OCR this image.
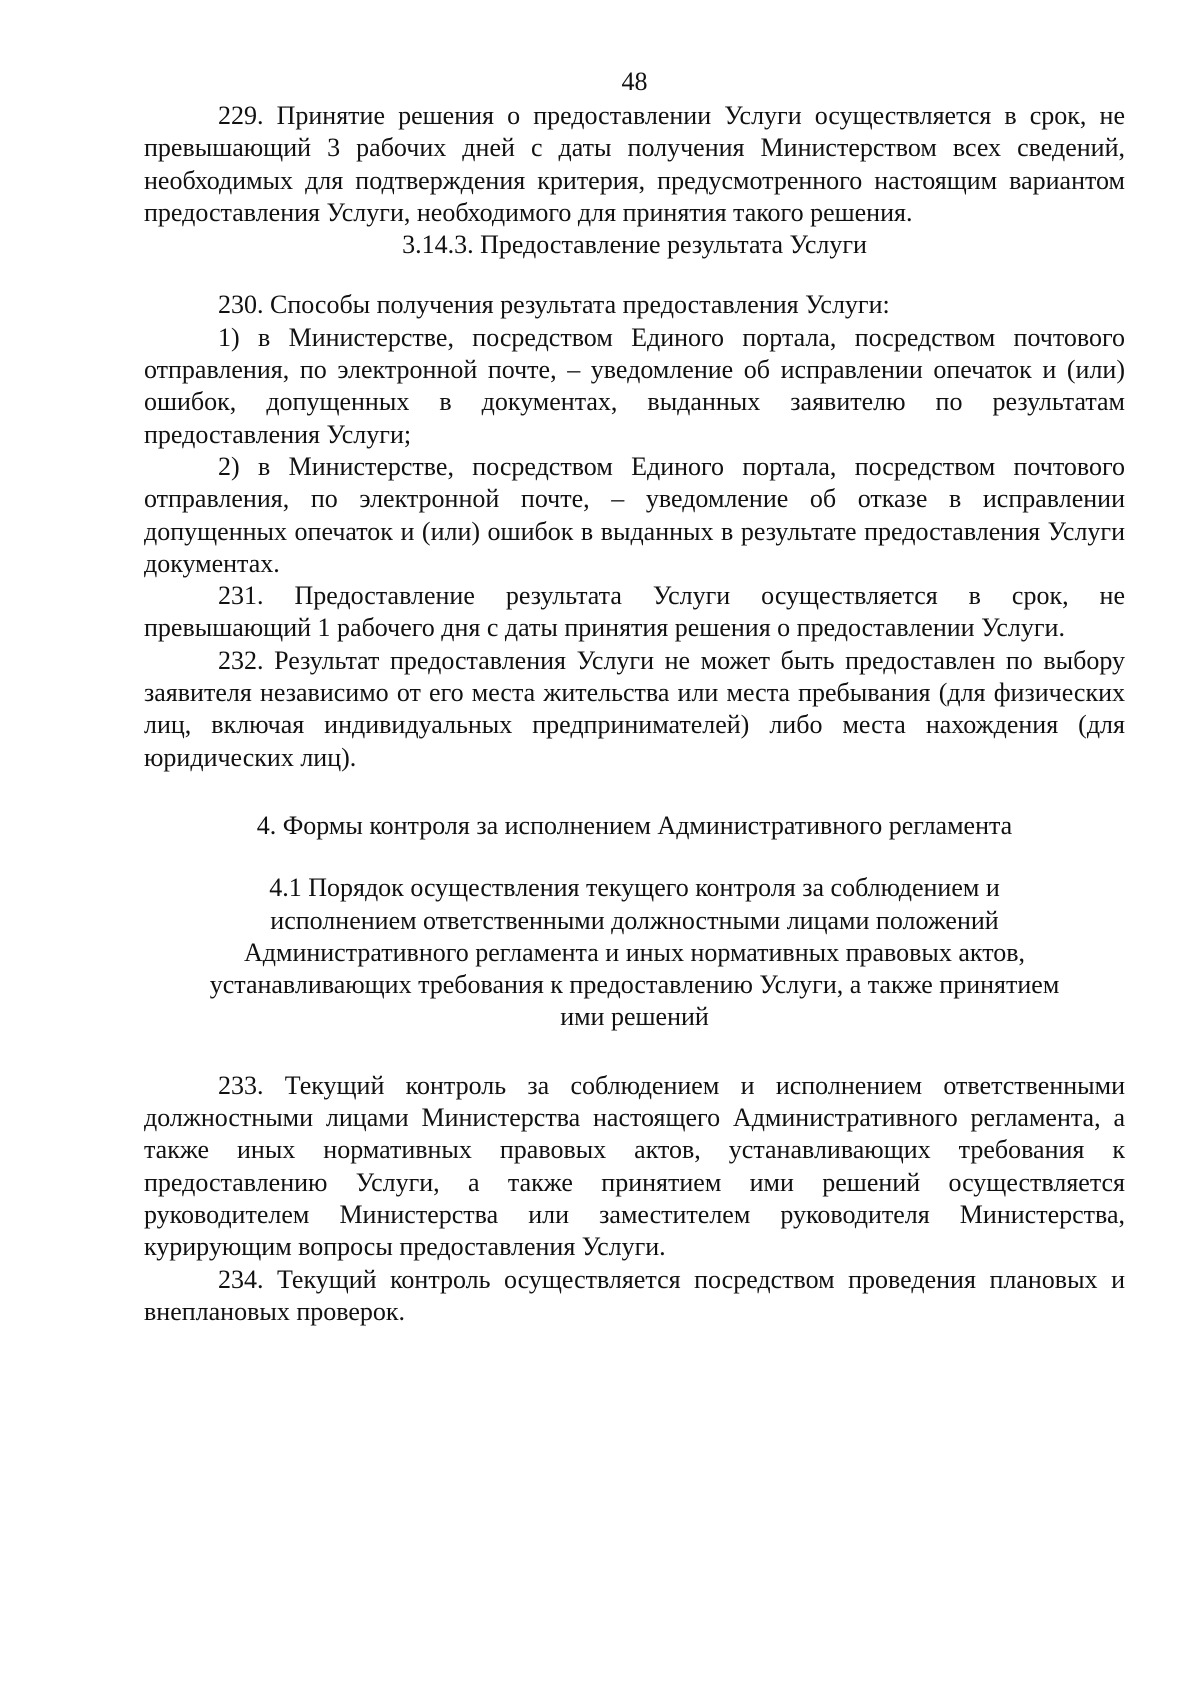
48

229. Принятие решения о предоставлении Услуги осуществляется в срок, не превышающий 3 рабочих дней с даты получения Министерством всех сведений, необходимых для подтверждения критерия, предусмотренного настоящим вариантом предоставления Услуги, необходимого для принятия такого решения.

3.14.3. Предоставление результата Услуги

230. Способы получения результата предоставления Услуги:

1) в Министерстве, посредством Единого портала, посредством почтового отправления, по электронной почте, – уведомление об исправлении опечаток и (или) ошибок, допущенных в документах, выданных заявителю по результатам предоставления Услуги;

2) в Министерстве, посредством Единого портала, посредством почтового отправления, по электронной почте, – уведомление об отказе в исправлении допущенных опечаток и (или) ошибок в выданных в результате предоставления Услуги документах.

231. Предоставление результата Услуги осуществляется в срок, не превышающий 1 рабочего дня с даты принятия решения о предоставлении Услуги.

232. Результат предоставления Услуги не может быть предоставлен по выбору заявителя независимо от его места жительства или места пребывания (для физических лиц, включая индивидуальных предпринимателей) либо места нахождения (для юридических лиц).

4. Формы контроля за исполнением Административного регламента

4.1 Порядок осуществления текущего контроля за соблюдением и

исполнением ответственными должностными лицами положений

Административного регламента и иных нормативных правовых актов,

устанавливающих требования к предоставлению Услуги, а также принятием

ими решений

233. Текущий контроль за соблюдением и исполнением ответственными должностными лицами Министерства настоящего Административного регламента, а также иных нормативных правовых актов, устанавливающих требования к предоставлению Услуги, а также принятием ими решений осуществляется руководителем Министерства или заместителем руководителя Министерства, курирующим вопросы предоставления Услуги.

234. Текущий контроль осуществляется посредством проведения плановых и внеплановых проверок.
